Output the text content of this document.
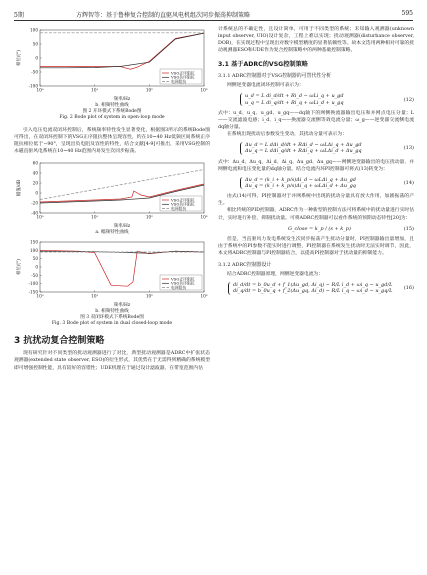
5期	方辉智等：基于鲁棒复合控制的直驱风电机组次同步振荡抑制策略	595
-100
-50
0
50
100
10⁰	10¹	10²	10³
频率/Hz
相位/(°)
VSG正序阻抗
VSG负序阻抗
电网阻抗
b. 相频特性曲线
图 2 开环模式下系统Bode图
Fig. 2 Bode plot of system in open-loop mode

引入电压电流双闭环控制后，系统频率特性发生显著变化，根据图3所示的系统Bode图可得出，在双闭环控制下的VSG正序阻抗整体呈现容性，约在10~40 Hz低频区间系统正序阻抗相位低于−90°，呈现出负电阻及容性的特性，结合文献[4-9]可推出，采用VSG控制的永磁直驱风电系统在10~40 Hz范围内易发生次同步振荡。

-40
-20
0
20
40
60
10⁰	10¹	10²	10³
频率/Hz
幅值/dB
VSG正序阻抗
VSG负序阻抗
电网阻抗
a. 幅频特性曲线
-150
-100
-50
0
50
100
150
10⁰	10¹	10²	10³
频率/Hz
相位/(°)
VSG正序阻抗
VSG负序阻抗
电网阻抗
b. 相频特性曲线
图 3 双闭环模式下系统Bode图
Fig. 3 Bode plot of system in dual closed-loop mode
3 抗扰动复合控制策略

现有研究针对不同类型的扰动观测器进行了对比，典型扰动观测器是ADRC中扩张状态观测器(extended state observer, ESO)的衍生形式，其优势在于无需得到精确的系统模型即可增强控制性能，具有较好的容错性；UDE机理在于通过设计滤波器，在带宽范围内估

计系统总的不确定性，且设计简单，可用于不同类型的系统；未知输入观测器(unknown input observer, UIO)设计复杂，工程上难以实现；扰动观测器(disturbance observer, DOB)，在实现过程中呈现出对数字模型精度的显著依赖性等。故本文选用两种相对可靠的扰动观测器ESO和UDE作为复合控制策略中的两种基础控制策略。

3.1 基于ADRC的VSG控制策略
3.1.1 ADRC控制器对于VSG控制器的可替代性分析

网侧逆变器电流闭环控制可表示为：

u_d = L di_d/dt + Ri_d − ωLi_q + u_gd
u_q = L di_q/dt + Ri_q + ωLi_d + u_gq	(12)

式中：u_d、u_q、u_gd、u_gq——dq轴下的网侧换流器输出电压和并网点电压分量；L——交流滤波电感；i_d、i_q——换流器交流侧等效电流分量；ω_g——逆变器交流侧电流dq轴分量。

在系统出现扰动后参数发生变动，其扰动分量可表示为：

Δu_d = L dΔi_d/dt + RΔi_d − ωLΔi_q + Δu_gd
Δu_q = L dΔi_q/dt + RΔi_q + ωLΔi_d + Δu_gq	(13)

式中：Δu_d、Δu_q、Δi_d、Δi_q、Δu_gd、Δu_gq——网侧逆变器输出的电压扰动量、并网侧电流和电压变化量的dq轴分量。结合电流内环PI控制器可将式(13)转变为：

Δu_d = (k_i + k_p/s)Δi_d − ωLΔi_q + Δu_gd
Δu_q = (k_i + k_p/s)Δi_q + ωLΔi_d + Δu_gq	(14)

由式(14)可得，PI控制器对于并网系统中出现的扰动分量具有放大作用，加剧振荡的产生。

相比传统的PID控制器，ADRC作为一种新型的控制方法可将系统中的扰动量进行实时估计，实时进行补偿，抑制扰动量。可将ADRC控制器可以看作系统的预期动态特性[20]为：

G_close = k_p / (s + k_p)	(15)

但是，当直驱风力发电系统发生次同步振荡产生扰动分量时，PI控制器输出量增加，且由于系统中的PI参数不能实时进行调整，PI控制器在系统发生扰动时无法实时调节，因此，本文将ADRC控制器与PI控制器结合，以提高PI控制器对于扰动量的抑制能力。

3.1.2 ADRC控制器设计

结合ADRC控制器原理，网侧逆变器电流为：

di_d/dt = b_0u_d + f_1(Δu_gd, Δi_q) − R/L i_d + ωi_q − u_gd/L
di_q/dt = b_0u_q + f_2(Δu_gq, Δi_d) − R/L i_q − ωi_d − u_gq/L (16)
